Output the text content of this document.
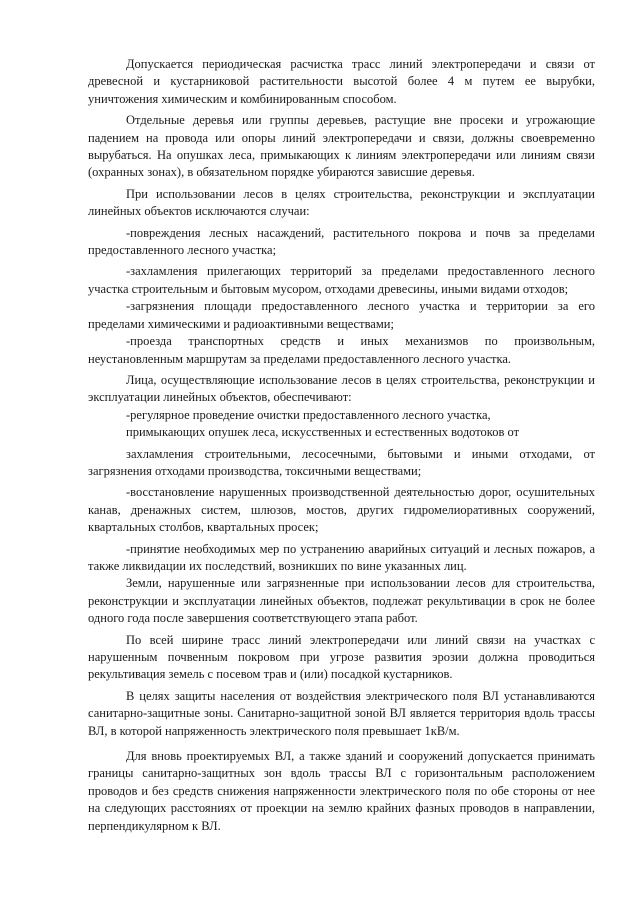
Допускается периодическая расчистка трасс линий электропередачи и связи от древесной и кустарниковой растительности высотой более 4 м путем ее вырубки, уничтожения химическим и комбинированным способом.

Отдельные деревья или группы деревьев, растущие вне просеки и угрожающие падением на провода или опоры линий электропередачи и связи, должны своевременно вырубаться. На опушках леса, примыкающих к линиям электропередачи или линиям связи (охранных зонах), в обязательном порядке убираются зависшие деревья.

При использовании лесов в целях строительства, реконструкции и эксплуатации линейных объектов исключаются случаи:

-повреждения лесных насаждений, растительного покрова и почв за пределами предоставленного лесного участка;

-захламления прилегающих территорий за пределами предоставленного лесного участка строительным и бытовым мусором, отходами древесины, иными видами отходов;

-загрязнения площади предоставленного лесного участка и территории за его пределами химическими и радиоактивными веществами;

-проезда транспортных средств и иных механизмов по произвольным, неустановленным маршрутам за пределами предоставленного лесного участка.

Лица, осуществляющие использование лесов в целях строительства, реконструкции и эксплуатации линейных объектов, обеспечивают:

-регулярное проведение очистки предоставленного лесного участка,

примыкающих опушек леса, искусственных и естественных водотоков от

захламления строительными, лесосечными, бытовыми и иными отходами, от загрязнения отходами производства, токсичными веществами;

-восстановление нарушенных производственной деятельностью дорог, осушительных канав, дренажных систем, шлюзов, мостов, других гидромелиоративных сооружений, квартальных столбов, квартальных просек;

-принятие необходимых мер по устранению аварийных ситуаций и лесных пожаров, а также ликвидации их последствий, возникших по вине указанных лиц.

Земли, нарушенные или загрязненные при использовании лесов для строительства, реконструкции и эксплуатации линейных объектов, подлежат рекультивации в срок не более одного года после завершения соответствующего этапа работ.

По всей ширине трасс линий электропередачи или линий связи на участках с нарушенным почвенным покровом при угрозе развития эрозии должна проводиться рекультивация земель с посевом трав и (или) посадкой кустарников.

В целях защиты населения от воздействия электрического поля ВЛ устанавливаются санитарно-защитные зоны. Санитарно-защитной зоной ВЛ является территория вдоль трассы ВЛ, в которой напряженность электрического поля превышает 1кВ/м.

Для вновь проектируемых ВЛ, а также зданий и сооружений допускается принимать границы санитарно-защитных зон вдоль трассы ВЛ с горизонтальным расположением проводов и без средств снижения напряженности электрического поля по обе стороны от нее на следующих расстояниях от проекции на землю крайних фазных проводов в направлении, перпендикулярном к ВЛ.
